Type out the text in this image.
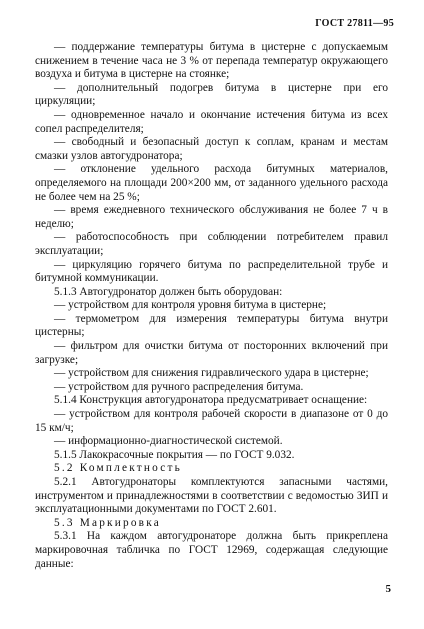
ГОСТ 27811—95

— поддержание температуры битума в цистерне с допускаемым снижением в течение часа не 3 % от перепада температур окружающего воздуха и битума в цистерне на стоянке;

— дополнительный подогрев битума в цистерне при его циркуляции;

— одновременное начало и окончание истечения битума из всех сопел распределителя;

— свободный и безопасный доступ к соплам, кранам и местам смазки узлов автогудронатора;

— отклонение удельного расхода битумных материалов, определяемого на площади 200×200 мм, от заданного удельного расхода не более чем на 25 %;

— время ежедневного технического обслуживания не более 7 ч в неделю;

— работоспособность при соблюдении потребителем правил эксплуатации;

— циркуляцию горячего битума по распределительной трубе и битумной коммуникации.

5.1.3 Автогудронатор должен быть оборудован:

— устройством для контроля уровня битума в цистерне;

— термометром для измерения температуры битума внутри цистерны;

— фильтром для очистки битума от посторонних включений при загрузке;

— устройством для снижения гидравлического удара в цистерне;

— устройством для ручного распределения битума.

5.1.4 Конструкция автогудронатора предусматривает оснащение:

— устройством для контроля рабочей скорости в диапазоне от 0 до 15 км/ч;

— информационно-диагностической системой.

5.1.5 Лакокрасочные покрытия — по ГОСТ 9.032.

5.2 Комплектность

5.2.1 Автогудронаторы комплектуются запасными частями, инструментом и принадлежностями в соответствии с ведомостью ЗИП и эксплуатационными документами по ГОСТ 2.601.

5.3 Маркировка

5.3.1 На каждом автогудронаторе должна быть прикреплена маркировочная табличка по ГОСТ 12969, содержащая следующие данные:

5
